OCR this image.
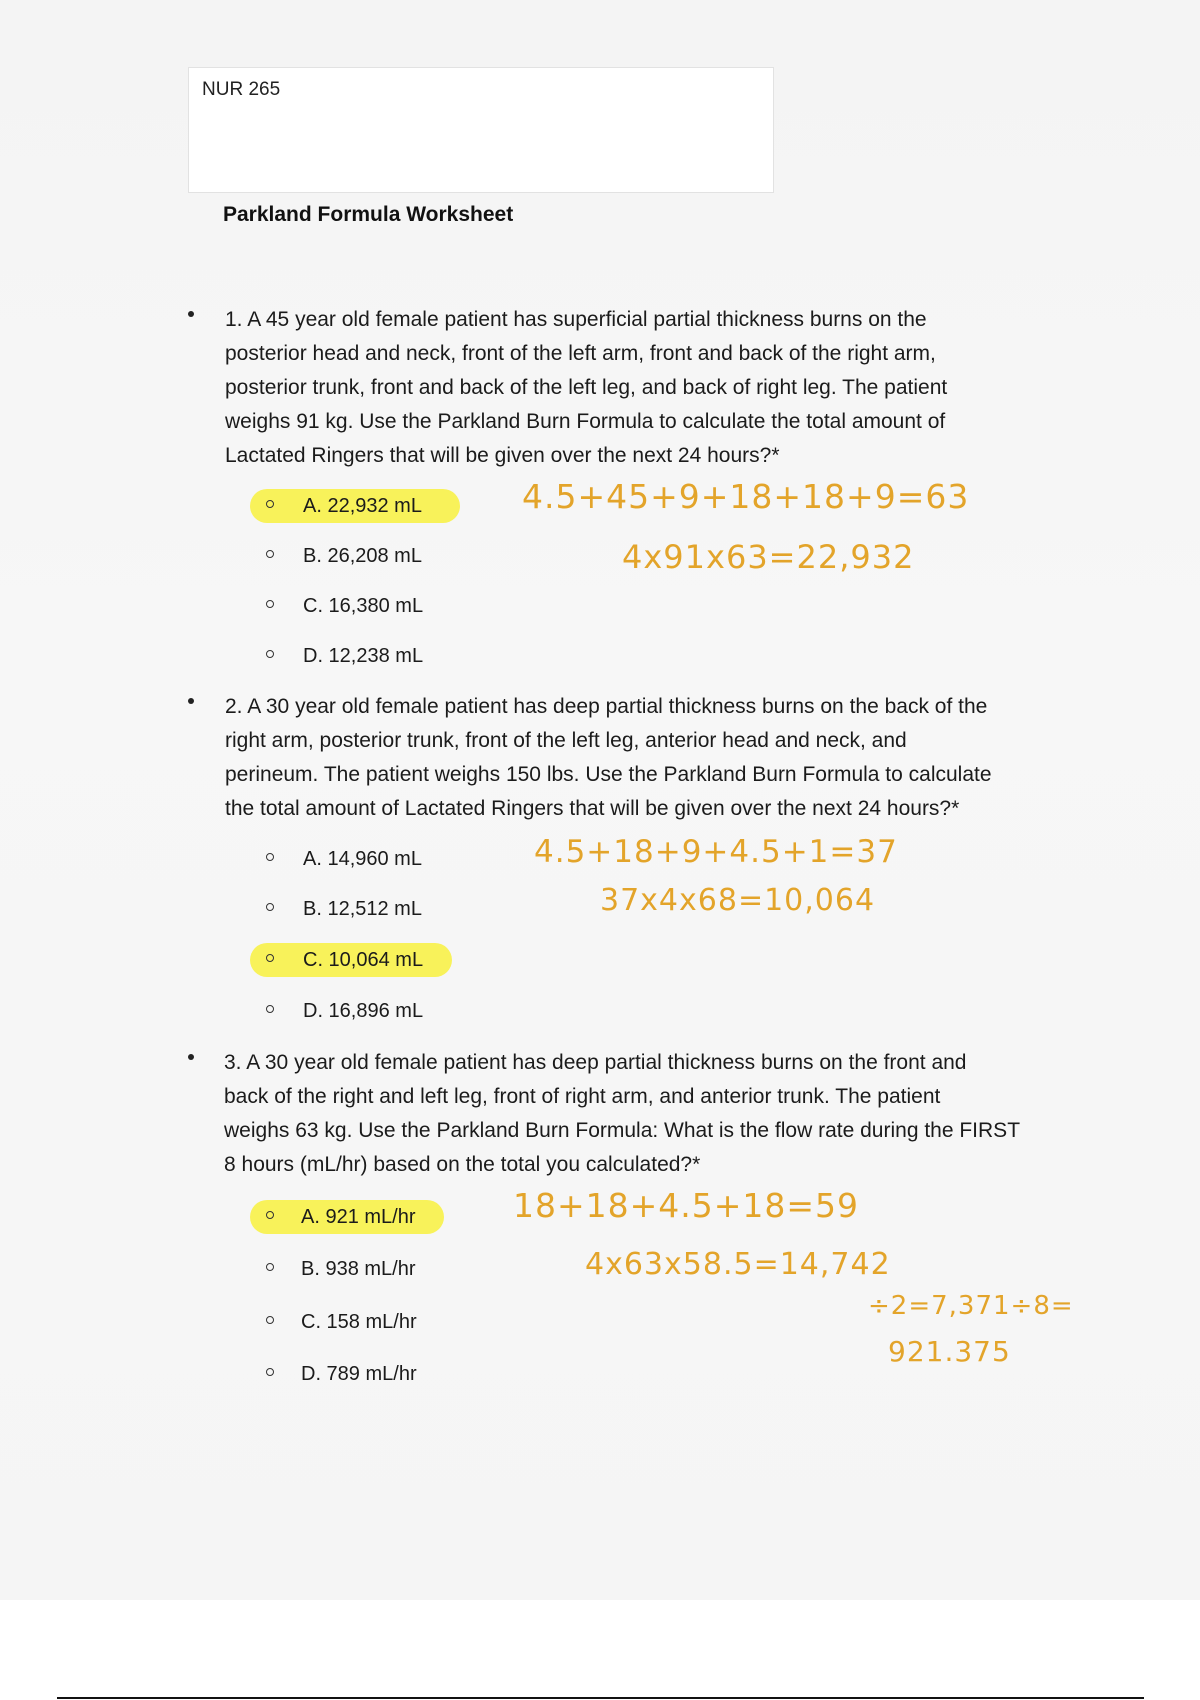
NUR 265
Parkland Formula Worksheet
1. A 45 year old female patient has superficial partial thickness burns on the
posterior head and neck, front of the left arm, front and back of the right arm,
posterior trunk, front and back of the left leg, and back of right leg. The patient
weighs 91 kg. Use the Parkland Burn Formula to calculate the total amount of
Lactated Ringers that will be given over the next 24 hours?*
A. 22,932 mL
B. 26,208 mL
C. 16,380 mL
D. 12,238 mL
4.5+45+9+18+18+9=63
4x91x63=22,932
2. A 30 year old female patient has deep partial thickness burns on the back of the
right arm, posterior trunk, front of the left leg, anterior head and neck, and
perineum. The patient weighs 150 lbs. Use the Parkland Burn Formula to calculate
the total amount of Lactated Ringers that will be given over the next 24 hours?*
A. 14,960 mL
B. 12,512 mL
C. 10,064 mL
D. 16,896 mL
4.5+18+9+4.5+1=37
37x4x68=10,064
3. A 30 year old female patient has deep partial thickness burns on the front and
back of the right and left leg, front of right arm, and anterior trunk. The patient
weighs 63 kg. Use the Parkland Burn Formula: What is the flow rate during the FIRST
8 hours (mL/hr) based on the total you calculated?*
A. 921 mL/hr
B. 938 mL/hr
C. 158 mL/hr
D. 789 mL/hr
18+18+4.5+18=59
4x63x58.5=14,742
÷2=7,371÷8=
921.375
